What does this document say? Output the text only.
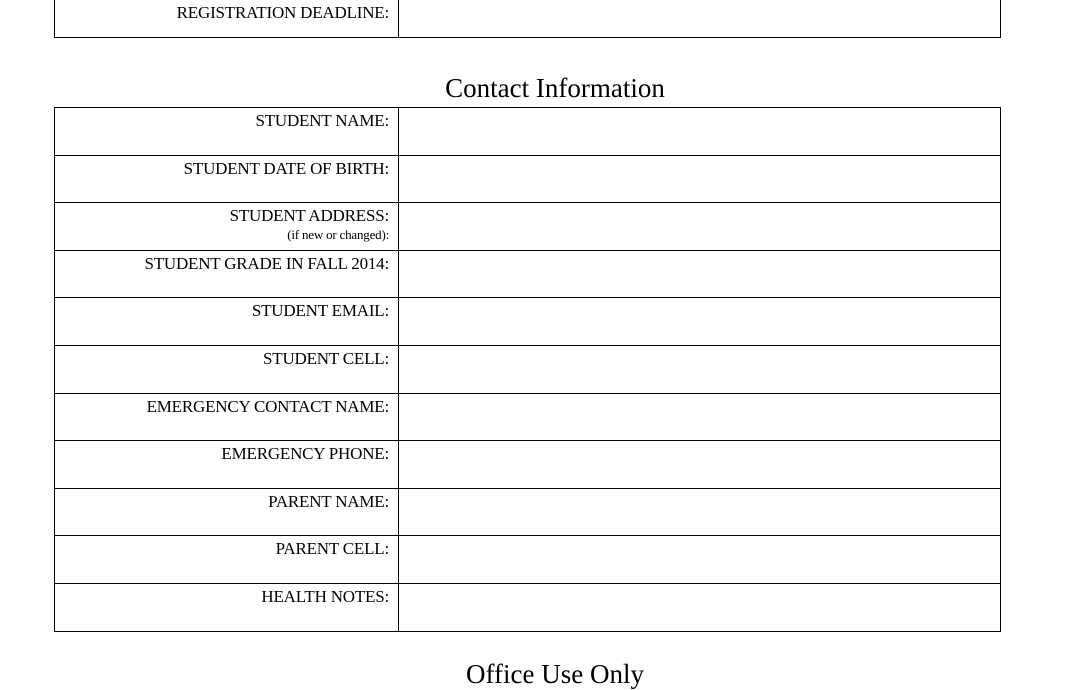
REGISTRATION DEADLINE:	
Contact Information
STUDENT NAME:	
STUDENT DATE OF BIRTH:	
STUDENT ADDRESS:
(if new or changed):	

STUDENT GRADE IN FALL 2014:	
STUDENT EMAIL:	
STUDENT CELL:	
EMERGENCY CONTACT NAME:	
EMERGENCY PHONE:	
PARENT NAME:	
PARENT CELL:	
HEALTH NOTES:	
Office Use Only
